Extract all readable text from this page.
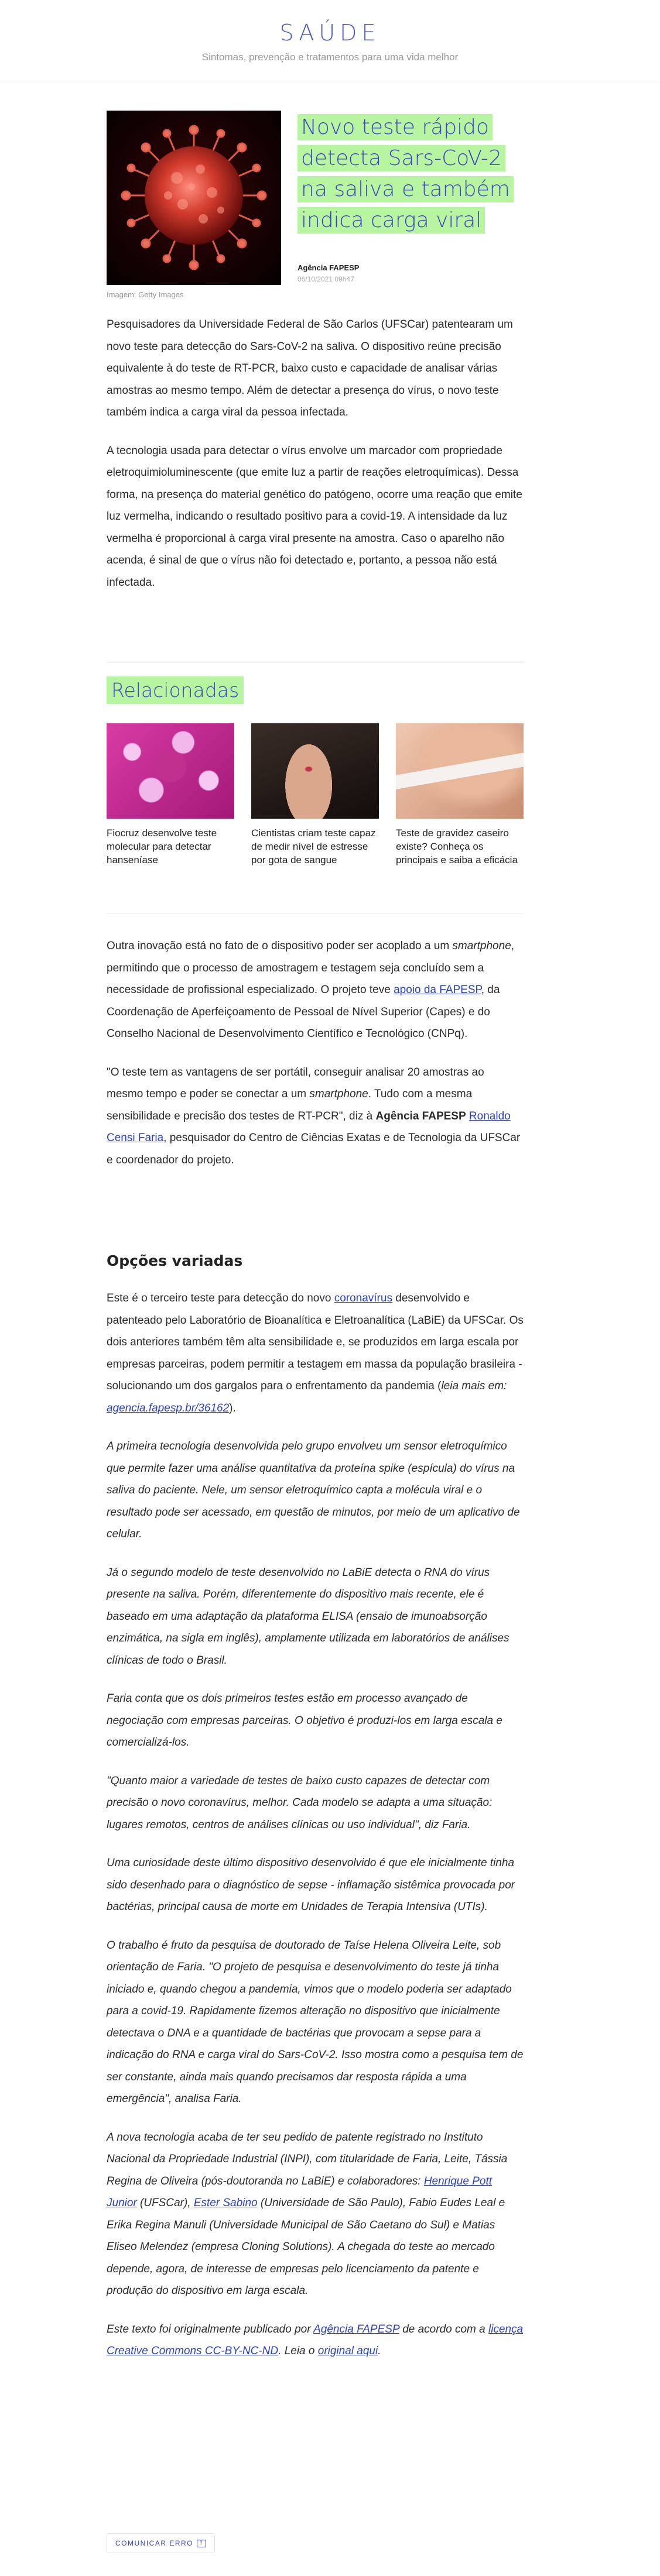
SAÚDE
Sintomas, prevenção e tratamentos para uma vida melhor
Imagem: Getty Images
Novo teste rápido detecta Sars-CoV-2 na saliva e também indica carga viral
Agência FAPESP
06/10/2021 09h47

Pesquisadores da Universidade Federal de São Carlos (UFSCar) patentearam um novo teste para detecção do Sars-CoV-2 na saliva. O dispositivo reúne precisão equivalente à do teste de RT-PCR, baixo custo e capacidade de analisar várias amostras ao mesmo tempo. Além de detectar a presença do vírus, o novo teste também indica a carga viral da pessoa infectada.

A tecnologia usada para detectar o vírus envolve um marcador com propriedade eletroquimioluminescente (que emite luz a partir de reações eletroquímicas). Dessa forma, na presença do material genético do patógeno, ocorre uma reação que emite luz vermelha, indicando o resultado positivo para a covid-19. A intensidade da luz vermelha é proporcional à carga viral presente na amostra. Caso o aparelho não acenda, é sinal de que o vírus não foi detectado e, portanto, a pessoa não está infectada.

Relacionadas
Fiocruz desenvolve teste molecular para detectar hanseníase
Cientistas criam teste capaz de medir nível de estresse por gota de sangue
Teste de gravidez caseiro existe? Conheça os principais e saiba a eficácia

Outra inovação está no fato de o dispositivo poder ser acoplado a um smartphone, permitindo que o processo de amostragem e testagem seja concluído sem a necessidade de profissional especializado. O projeto teve apoio da FAPESP, da Coordenação de Aperfeiçoamento de Pessoal de Nível Superior (Capes) e do Conselho Nacional de Desenvolvimento Científico e Tecnológico (CNPq).

"O teste tem as vantagens de ser portátil, conseguir analisar 20 amostras ao mesmo tempo e poder se conectar a um smartphone. Tudo com a mesma sensibilidade e precisão dos testes de RT-PCR", diz à Agência FAPESP Ronaldo Censi Faria, pesquisador do Centro de Ciências Exatas e de Tecnologia da UFSCar e coordenador do projeto.

Opções variadas

Este é o terceiro teste para detecção do novo coronavírus desenvolvido e patenteado pelo Laboratório de Bioanalítica e Eletroanalítica (LaBiE) da UFSCar. Os dois anteriores também têm alta sensibilidade e, se produzidos em larga escala por empresas parceiras, podem permitir a testagem em massa da população brasileira - solucionando um dos gargalos para o enfrentamento da pandemia (leia mais em: agencia.fapesp.br/36162).

A primeira tecnologia desenvolvida pelo grupo envolveu um sensor eletroquímico que permite fazer uma análise quantitativa da proteína spike (espícula) do vírus na saliva do paciente. Nele, um sensor eletroquímico capta a molécula viral e o resultado pode ser acessado, em questão de minutos, por meio de um aplicativo de celular.

Já o segundo modelo de teste desenvolvido no LaBiE detecta o RNA do vírus presente na saliva. Porém, diferentemente do dispositivo mais recente, ele é baseado em uma adaptação da plataforma ELISA (ensaio de imunoabsorção enzimática, na sigla em inglês), amplamente utilizada em laboratórios de análises clínicas de todo o Brasil.

Faria conta que os dois primeiros testes estão em processo avançado de negociação com empresas parceiras. O objetivo é produzi-los em larga escala e comercializá-los.

"Quanto maior a variedade de testes de baixo custo capazes de detectar com precisão o novo coronavírus, melhor. Cada modelo se adapta a uma situação: lugares remotos, centros de análises clínicas ou uso individual", diz Faria.

Uma curiosidade deste último dispositivo desenvolvido é que ele inicialmente tinha sido desenhado para o diagnóstico de sepse - inflamação sistêmica provocada por bactérias, principal causa de morte em Unidades de Terapia Intensiva (UTIs).

O trabalho é fruto da pesquisa de doutorado de Taíse Helena Oliveira Leite, sob orientação de Faria. "O projeto de pesquisa e desenvolvimento do teste já tinha iniciado e, quando chegou a pandemia, vimos que o modelo poderia ser adaptado para a covid-19. Rapidamente fizemos alteração no dispositivo que inicialmente detectava o DNA e a quantidade de bactérias que provocam a sepse para a indicação do RNA e carga viral do Sars-CoV-2. Isso mostra como a pesquisa tem de ser constante, ainda mais quando precisamos dar resposta rápida a uma emergência", analisa Faria.

A nova tecnologia acaba de ter seu pedido de patente registrado no Instituto Nacional da Propriedade Industrial (INPI), com titularidade de Faria, Leite, Tássia Regina de Oliveira (pós-doutoranda no LaBiE) e colaboradores: Henrique Pott Junior (UFSCar), Ester Sabino (Universidade de São Paulo), Fabio Eudes Leal e Erika Regina Manuli (Universidade Municipal de São Caetano do Sul) e Matias Eliseo Melendez (empresa Cloning Solutions). A chegada do teste ao mercado depende, agora, de interesse de empresas pelo licenciamento da patente e produção do dispositivo em larga escala.

Este texto foi originalmente publicado por Agência FAPESP de acordo com a licença Creative Commons CC-BY-NC-ND. Leia o original aqui.

COMUNICAR ERRO !
